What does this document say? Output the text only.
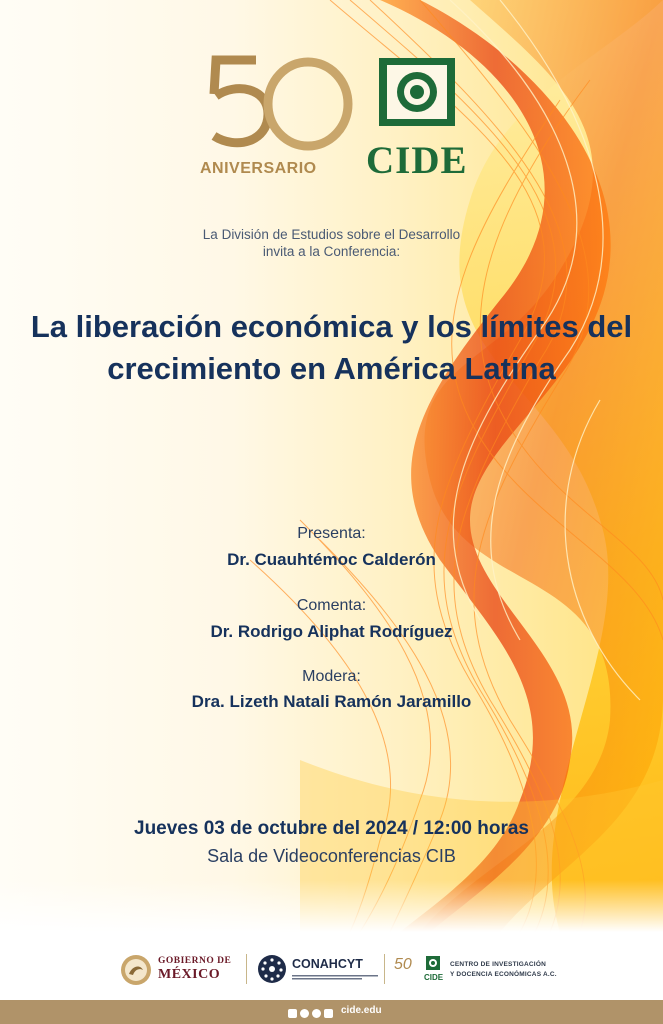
ANIVERSARIO CIDE
La División de Estudios sobre el Desarrollo
invita a la Conferencia:
La liberación económica y los límites del crecimiento en América Latina
Presenta:
Dr. Cuauhtémoc Calderón
Comenta:
Dr. Rodrigo Aliphat Rodríguez
Modera:
Dra. Lizeth Natali Ramón Jaramillo
Jueves 03 de octubre del 2024 / 12:00 horas
Sala de Videoconferencias CIB
GOBIERNO DE
MÉXICO
CONAHCYT 50
CIDE
CENTRO DE INVESTIGACIÓN
Y DOCENCIA ECONÓMICAS A.C.
cide.edu
